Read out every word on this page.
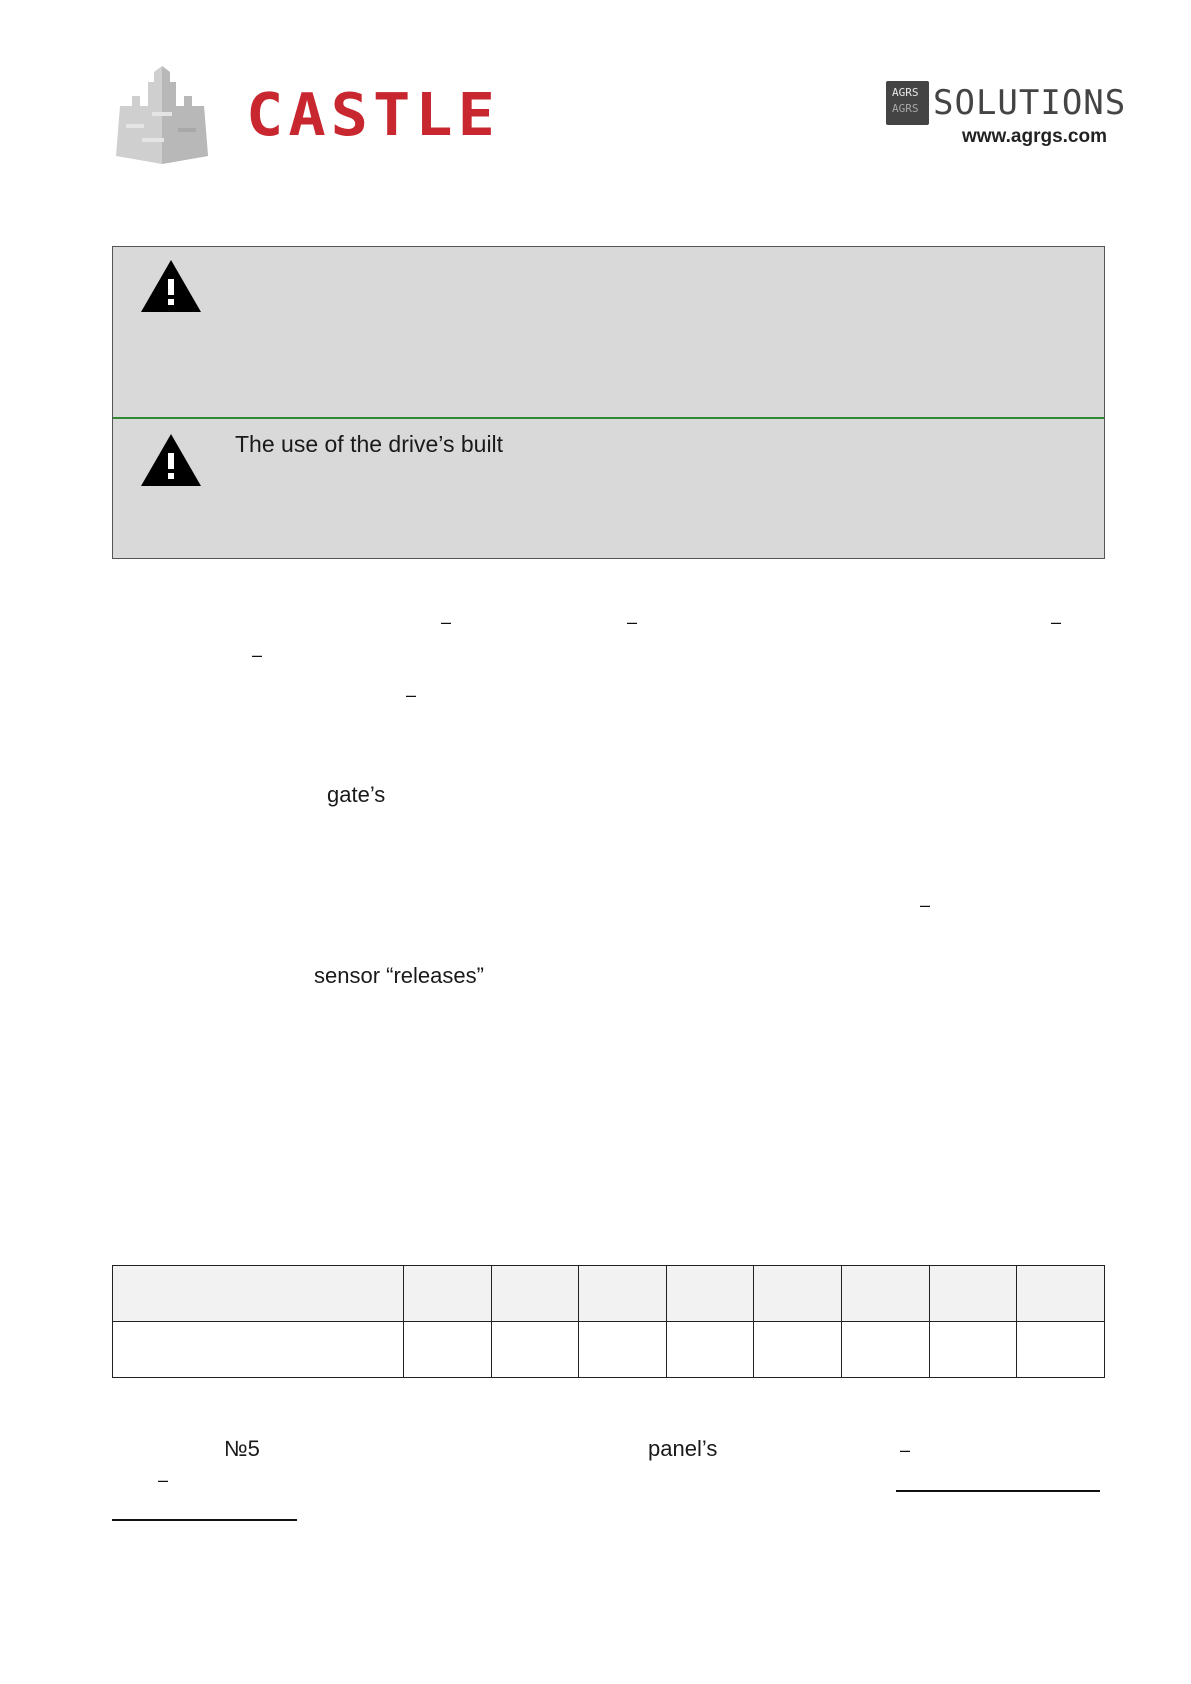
CASTLE	AGRS
AGRS SOLUTIONS
www.agrgs.com
The use of the drive’s built
–	–	–
–
–
gate’s
–
sensor “releases”

№5	panel’s	–
–
